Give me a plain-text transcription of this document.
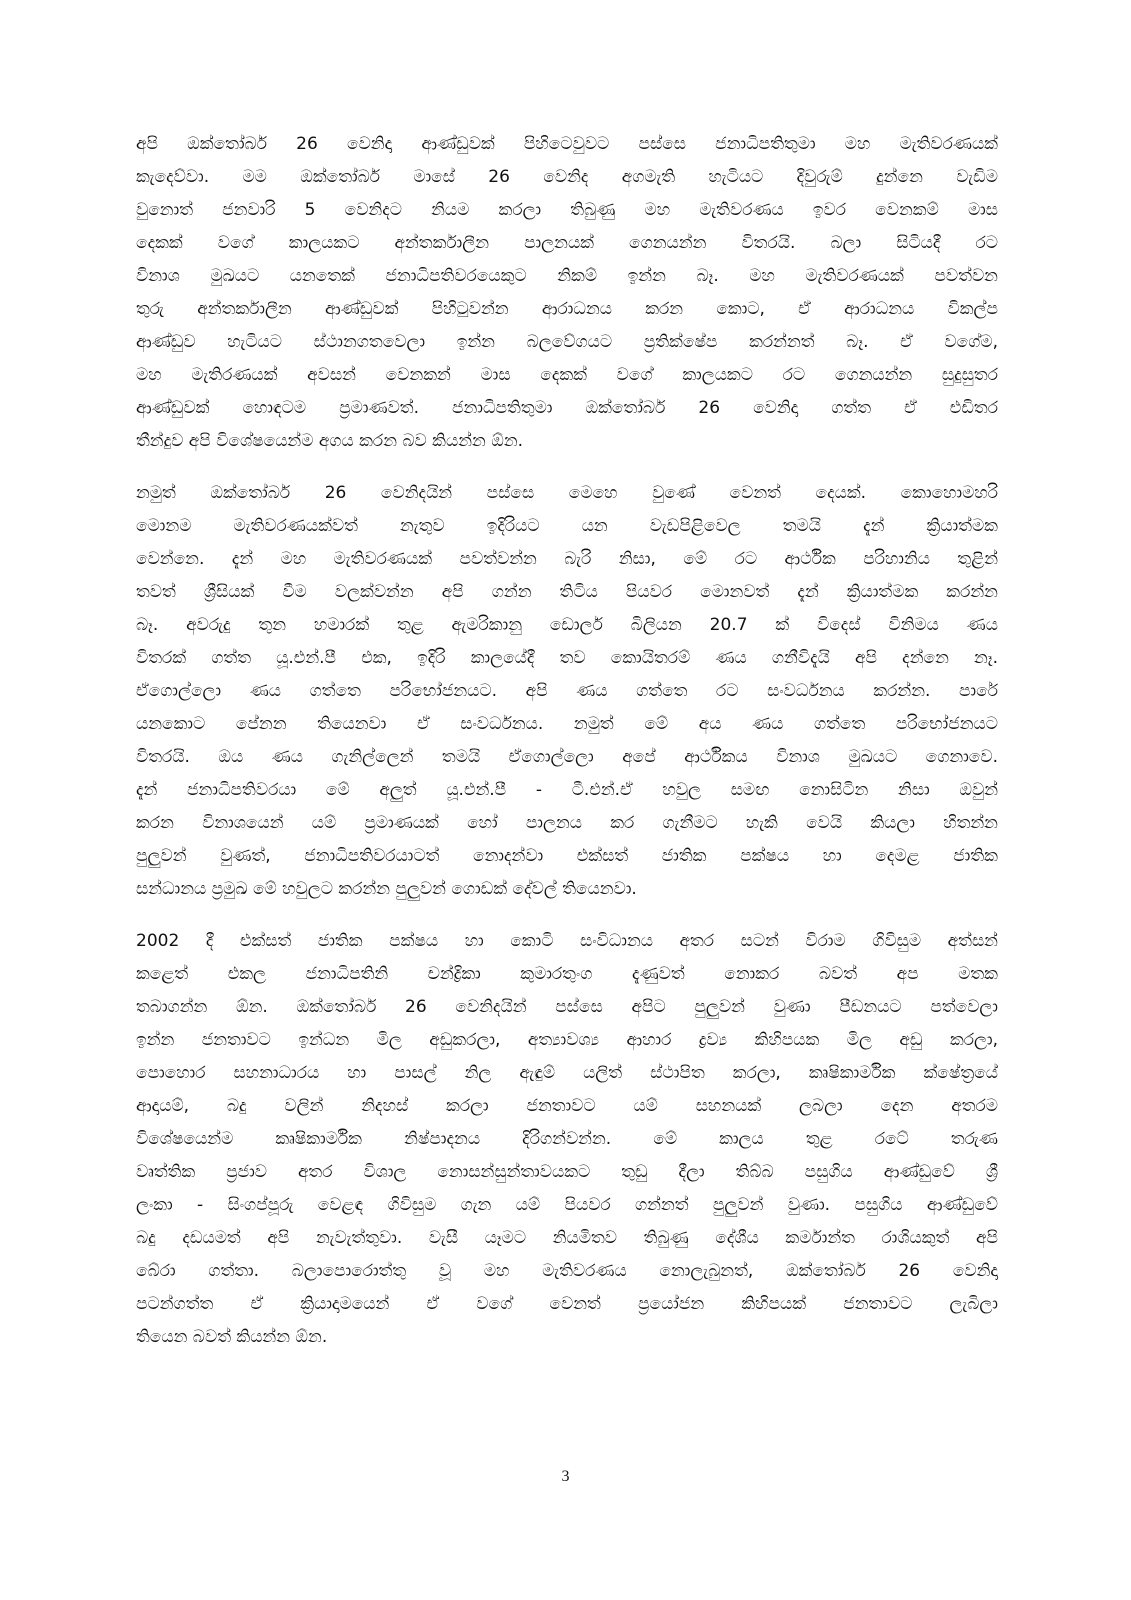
අපි ඔක්තෝබර් 26 වෙනිදා ආණ්ඩුවක් පිහිටෙවුවට පස්සෙ ජනාධිපතිතුමා මහ මැතිවරණයක්
කැදෙව්වා. මම ඔක්තෝබර් මාසේ 26 වෙනිද අගමැති හැටියට දිවුරුම් දුන්නෙ වැඩිම
වුනොත් ජනවාරි 5 වෙනිදට නියම කරලා තිබුණු මහ මැතිවරණය ඉවර වෙනකම් මාස
දෙකක් වගේ කාලයකට අන්තර්කාලීන පාලනයක් ගෙනයන්න විතරයි. බලා සිටියදී රට
විනාශ මුඛයට යනතෙක් ජනාධිපතිවරයෙකුට නිකම් ඉන්න බෑ. මහ මැතිවරණයක් පවත්වන
තුරු අන්තර්කාලීන ආණ්ඩුවක් පිහිටුවන්න ආරාධනය කරන කොට, ඒ ආරාධනය විකල්ප
ආණ්ඩුව හැටියට ස්ථානගතවෙලා ඉන්න බලවේගයට ප්‍රතික්ෂේප කරන්නත් බෑ. ඒ වගේම,
මහ මැතිරණයක් අවසන් වෙනකන් මාස දෙකක් වගේ කාලයකට රට ගෙනයන්න සුදුසුතර
ආණ්ඩුවක් හොඳටම ප්‍රමාණවත්. ජනාධිපතිතුමා ඔක්තෝබර් 26 වෙනිදා ගත්ත ඒ එඩිතර
තීන්දුව අපි විශේෂයෙන්ම අගය කරන බව කියන්න ඕන.
නමුත් ඔක්තෝබර් 26 වෙනිදයින් පස්සෙ මෙහෙ වුණේ වෙනත් දෙයක්. කොහොමහරි
මොනම මැතිවරණයක්වත් නැතුව ඉදිරියට යන වැඩපිළිවෙල තමයි දැන් ක්‍රියාත්මක
වෙන්නෙ. දැන් මහ මැතිවරණයක් පවත්වන්න බැරි නිසා, මේ රට ආර්ථික පරිහානිය තුළින්
තවත් ශ්‍රීසියක් වීම වලක්වන්න අපි ගන්න තිටිය පියවර මොනවත් දැන් ක්‍රියාත්මක කරන්න
බෑ. අවරුදු තුන හමාරක් තුළ ඇමරිකානු ඩොලර් බිලියන 20.7 ක් විදෙස් විනිමය ණය
විතරක් ගත්ත යූ.එන්.පී එක, ඉදිරි කාලයේදී තව කොයිතරම් ණය ගනීවිදැයි අපි දන්නෙ නෑ.
ඒගොල්ලො ණය ගත්තෙ පරිභෝජනයට. අපි ණය ගත්තෙ රට සංවර්ධනය කරන්න. පාරේ
යනකොට පේනන තියෙනවා ඒ සංවර්ධනය. නමුත් මේ අය ණය ගත්තෙ පරිභෝජනයට
විතරයි. ඔය ණය ගැනිල්ලෙන් තමයි ඒගොල්ලො අපේ ආර්ථිකය විනාශ මුඛයට ගෙනාවෙ.
දැන් ජනාධිපතිවරයා මේ අලුත් යූ.එන්.පී - ටී.එන්.ඒ හවුල සමඟ නොසිටින නිසා ඔවුන්
කරන විනාශයෙන් යම් ප්‍රමාණයක් හෝ පාලනය කර ගැනීමට හැකි වෙයි කියලා හිතන්න
පුලුවන් වුණත්, ජනාධිපතිවරයාටත් නොදන්වා එක්සත් ජාතික පක්ෂය හා දෙමළ ජාතික
සන්ධානය ප්‍රමුඛ මේ හවුලට කරන්න පුලුවන් ගොඩක් දේවල් තියෙනවා.
2002 දී එක්සත් ජාතික පක්ෂය හා කොටි සංවිධානය අතර සටන් විරාම ගිවිසුම අත්සන්
කළෙත් එකල ජනාධිපතිනි චන්ද්‍රිකා කුමාරතුංග දැණුවත් නොකර බවත් අප මතක
තබාගන්න ඕන. ඔක්තෝබර් 26 වෙනිදයින් පස්සෙ අපිට පුලුවන් වුණා පීඩනයට පත්වෙලා
ඉන්න ජනතාවට ඉන්ධන මිල අඩුකරලා, අත්‍යාවශ්‍ය ආහාර ද්‍රව්‍ය කිහිපයක මිල අඩු කරලා,
පොහොර සහනාධාරය හා පාසල් නිල ඇඳුම් යලිත් ස්ථාපිත කරලා, කෘෂිකාර්මික ක්ෂේත්‍රයේ
ආදායම්, බදු වලින් නිදහස් කරලා ජනතාවට යම් සහනයක් ලබලා දෙන අතරම
විශේෂයෙන්ම කෘෂිකාර්මික නිෂ්පාදනය දිරිගන්වන්න. මේ කාලය තුළ රටේ තරුණ
වෘත්තික ප්‍රජාව අතර විශාල නොසන්සුන්තාවයකට තුඩු දීලා තිබ්බ පසුගිය ආණ්ඩුවේ ශ්‍රී
ලංකා - සිංගප්පූරු වෙළඳ ගිවිසුම ගැන යම් පියවර ගන්නත් පුලුවන් වුණා. පසුගිය ආණ්ඩුවේ
බදු දඩයමත් අපි නැවැත්තුවා. වැසී යෑමට නියමිතව තිබුණු දේශීය කර්මාන්ත රාශියකුත් අපි
බේරා ගත්තා. බලාපොරොත්තු වූ මහ මැතිවරණය නොලැබුනත්, ඔක්තෝබර් 26 වෙනිදා
පටන්ගත්ත ඒ ක්‍රියාදාමයෙන් ඒ වගේ වෙනත් ප්‍රයෝජන කිහිපයක් ජනතාවට ලැබිලා
තියෙන බවත් කියන්න ඕන.
3
